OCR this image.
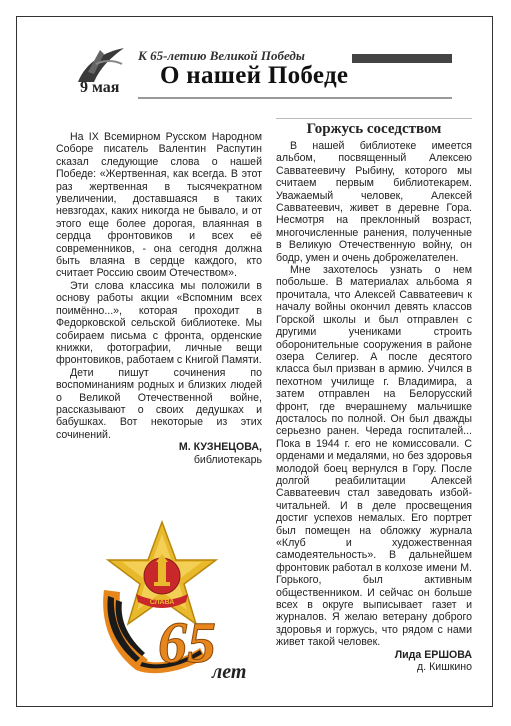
9 мая
К 65-летию Великой Победы
О нашей Победе

На IX Всемирном Русском Народном Соборе писатель Валентин Распутин сказал следующие слова о нашей Победе: «Жертвенная, как всегда. В этот раз жертвенная в тысячекратном увеличении, доставшаяся в таких невзгодах, каких никогда не бывало, и от этого еще более дорогая, влаянная в сердца фронтовиков и всех её современников, - она сегодня должна быть влаяна в сердце каждого, кто считает Россию своим Отечеством».

Эти слова классика мы положили в основу работы акции «Вспомним всех поимённо...», которая проходит в Федорковской сельской библиотеке. Мы собираем письма с фронта, орденские книжки, фотографии, личные вещи фронтовиков, работаем с Книгой Памяти.

Дети пишут сочинения по воспоминаниям родных и близких людей о Великой Отечественной войне, рассказывают о своих дедушках и бабушках. Вот некоторые из этих сочинений.

М. КУЗНЕЦОВА,

библиотекарь

Горжусь соседством

В нашей библиотеке имеется альбом, посвященный Алексею Савватеевичу Рыбину, которого мы считаем первым библиотекарем. Уважаемый человек, Алексей Савватеевич, живет в деревне Гора. Несмотря на преклонный возраст, многочисленные ранения, полученные в Великую Отечественную войну, он бодр, умен и очень доброжелателен.

Мне захотелось узнать о нем побольше. В материалах альбома я прочитала, что Алексей Савватеевич к началу войны окончил девять классов Горской школы и был отправлен с другими учениками строить оборонительные сооружения в районе озера Селигер. А после десятого класса был призван в армию. Учился в пехотном училище г. Владимира, а затем отправлен на Белорусский фронт, где вчерашнему мальчишке досталось по полной. Он был дважды серьезно ранен. Череда госпиталей... Пока в 1944 г. его не комиссовали. С орденами и медалями, но без здоровья молодой боец вернулся в Гору. После долгой реабилитации Алексей Савватеевич стал заведовать избой-читальней. И в деле просвещения достиг успехов немалых. Его портрет был помещен на обложку журнала «Клуб и художественная самодеятельность». В дальнейшем фронтовик работал в колхозе имени М. Горького, был активным общественником. И сейчас он больше всех в округе выписывает газет и журналов. Я желаю ветерану доброго здоровья и горжусь, что рядом с нами живет такой человек.

Лида ЕРШОВА

д. Кишкино

СЛАВА
65
лет
